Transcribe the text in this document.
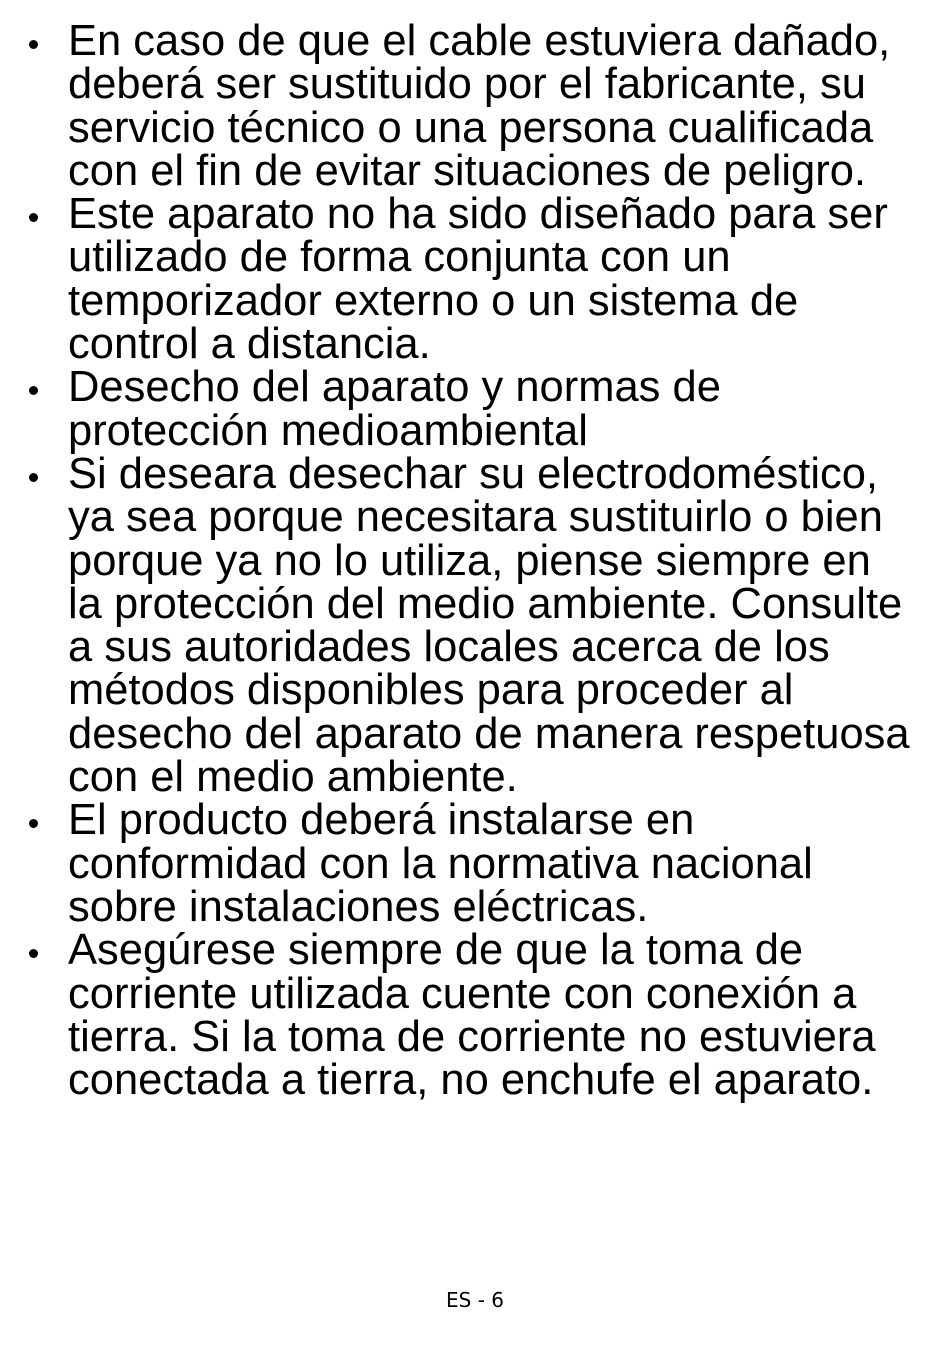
En caso de que el cable estuviera dañado, deberá ser sustituido por el fabricante, su servicio técnico o una persona cualificada con el fin de evitar situaciones de peligro.
Este aparato no ha sido diseñado para ser utilizado de forma conjunta con un temporizador externo o un sistema de control a distancia.
Desecho del aparato y normas de protección medioambiental
Si deseara desechar su electrodoméstico, ya sea porque necesitara sustituirlo o bien porque ya no lo utiliza, piense siempre en la protección del medio ambiente. Consulte a sus autoridades locales acerca de los métodos disponibles para proceder al desecho del aparato de manera respetuosa con el medio ambiente.
El producto deberá instalarse en conformidad con la normativa nacional sobre instalaciones eléctricas.
Asegúrese siempre de que la toma de corriente utilizada cuente con conexión a tierra. Si la toma de corriente no estuviera conectada a tierra, no enchufe el aparato.
ES - 6
